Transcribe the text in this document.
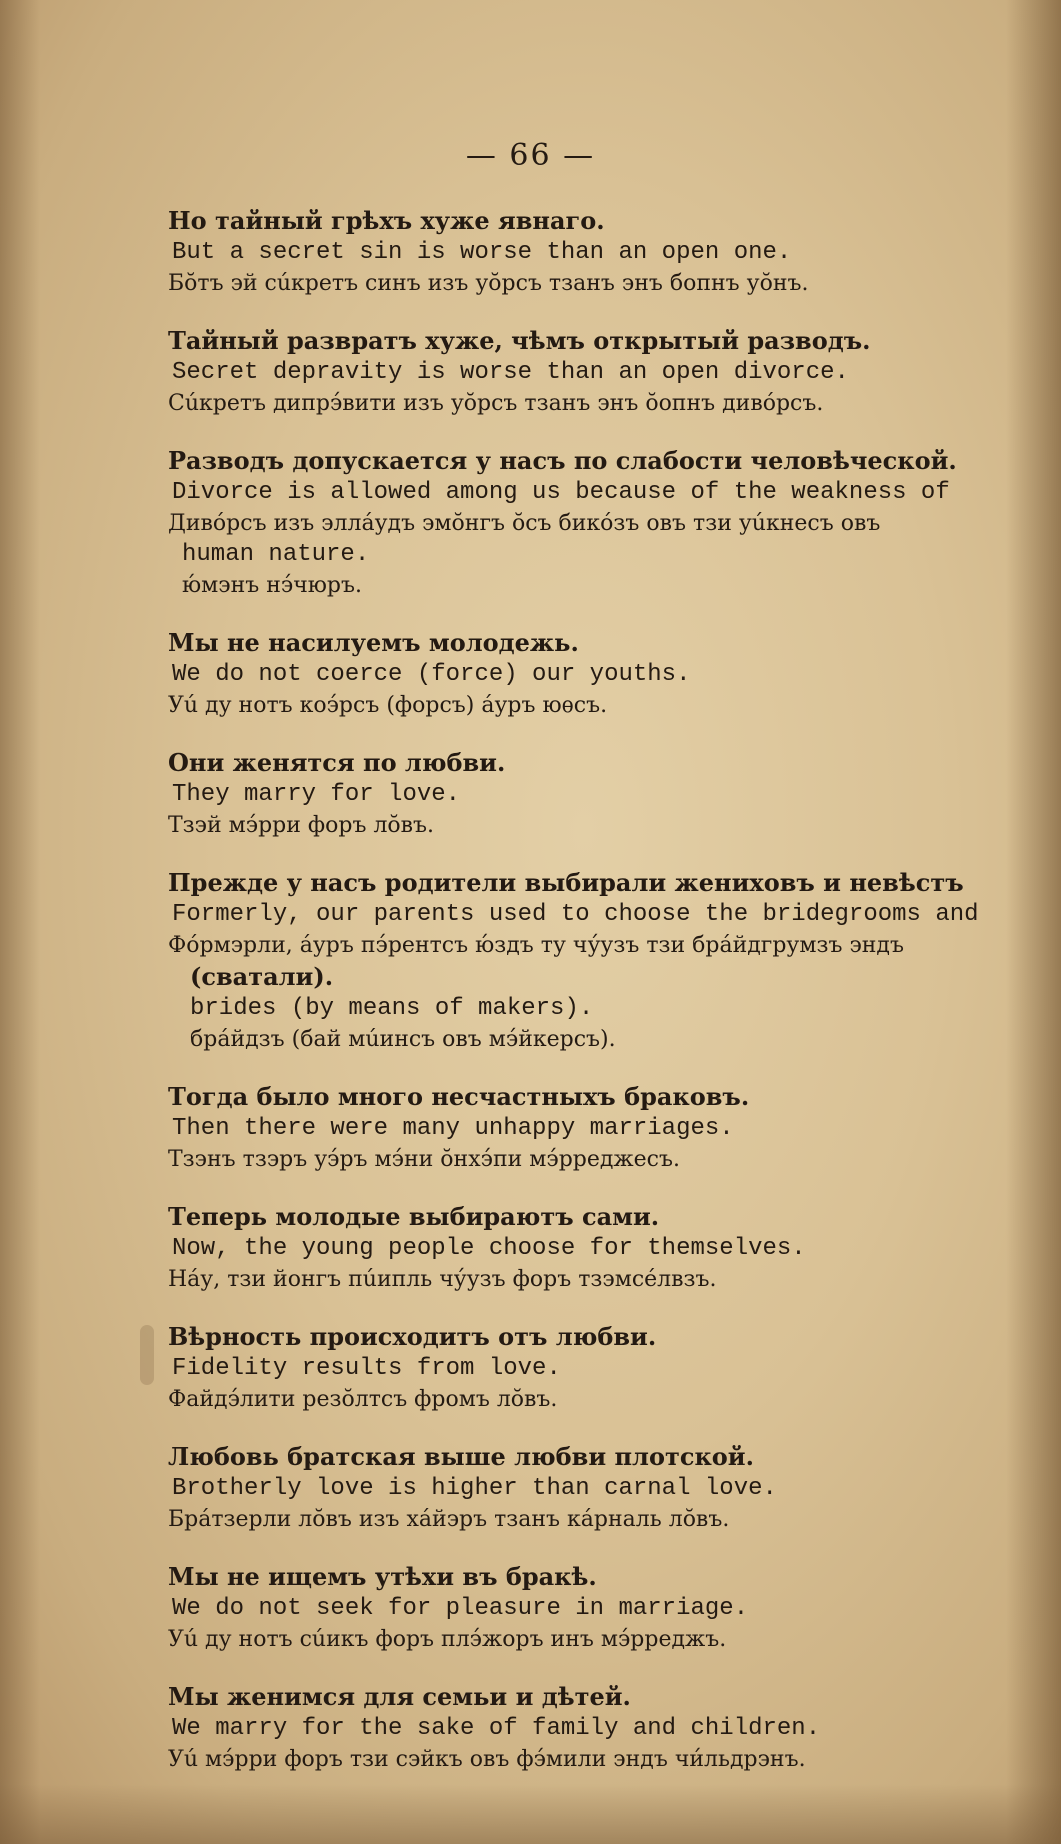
— 66 —
Но тайный грѣхъ хуже явнаго.
But a secret sin is worse than an open one.
Бŏтъ эй сúкретъ синъ изъ уŏрсъ тзанъ энъ бопнъ уŏнъ.
Тайный развратъ хуже, чѣмъ открытый разводъ.
Secret depravity is worse than an open divorce.
Сúкретъ дипрэ́вити изъ уŏрсъ тзанъ энъ ŏопнъ дивóрсъ.
Разводъ допускается у насъ по слабости человѣческой.
Divorce is allowed among us because of the weakness of
Дивóрсъ изъ эллáудъ эмŏнгъ ŏсъ бикóзъ овъ тзи уúкнесъ овъ
human nature.
ю́мэнъ нэ́чюръ.
Мы не насилуемъ молодежь.
We do not coerce (force) our youths.
Уú ду нотъ коэ́рсъ (форсъ) áуръ юѳсъ.
Они женятся по любви.
They marry for love.
Тзэй мэ́рри форъ лŏвъ.
Прежде у насъ родители выбирали жениховъ и невѣстъ
Formerly, our parents used to choose the bridegrooms and
Фóрмэрли, áуръ пэ́рентсъ ю́здъ ту чу́узъ тзи брáйдгрумзъ эндъ
(сватали).
brides (by means of makers).
брáйдзъ (бай мúинсъ овъ мэ́йкерсъ).
Тогда было много несчастныхъ браковъ.
Then there were many unhappy marriages.
Тзэнъ тзэръ уэ́ръ мэ́ни ŏнхэ́пи мэ́рреджесъ.
Теперь молодые выбираютъ сами.
Now, the young people choose for themselves.
Нáу, тзи йонгъ пúипль чу́узъ форъ тзэмсéлвзъ.
Вѣрность происходитъ отъ любви.
Fidelity results from love.
Файдэ́лити резŏлтсъ фромъ лŏвъ.
Любовь братская выше любви плотской.
Brotherly love is higher than carnal love.
Брáтзерли лŏвъ изъ хáйэръ тзанъ кáрналь лŏвъ.
Мы не ищемъ утѣхи въ бракѣ.
We do not seek for pleasure in marriage.
Уú ду нотъ сúикъ форъ плэ́жоръ инъ мэ́рреджъ.
Мы женимся для семьи и дѣтей.
We marry for the sake of family and children.
Уú мэ́рри форъ тзи сэйкъ овъ фэ́мили эндъ чи́льдрэнъ.
